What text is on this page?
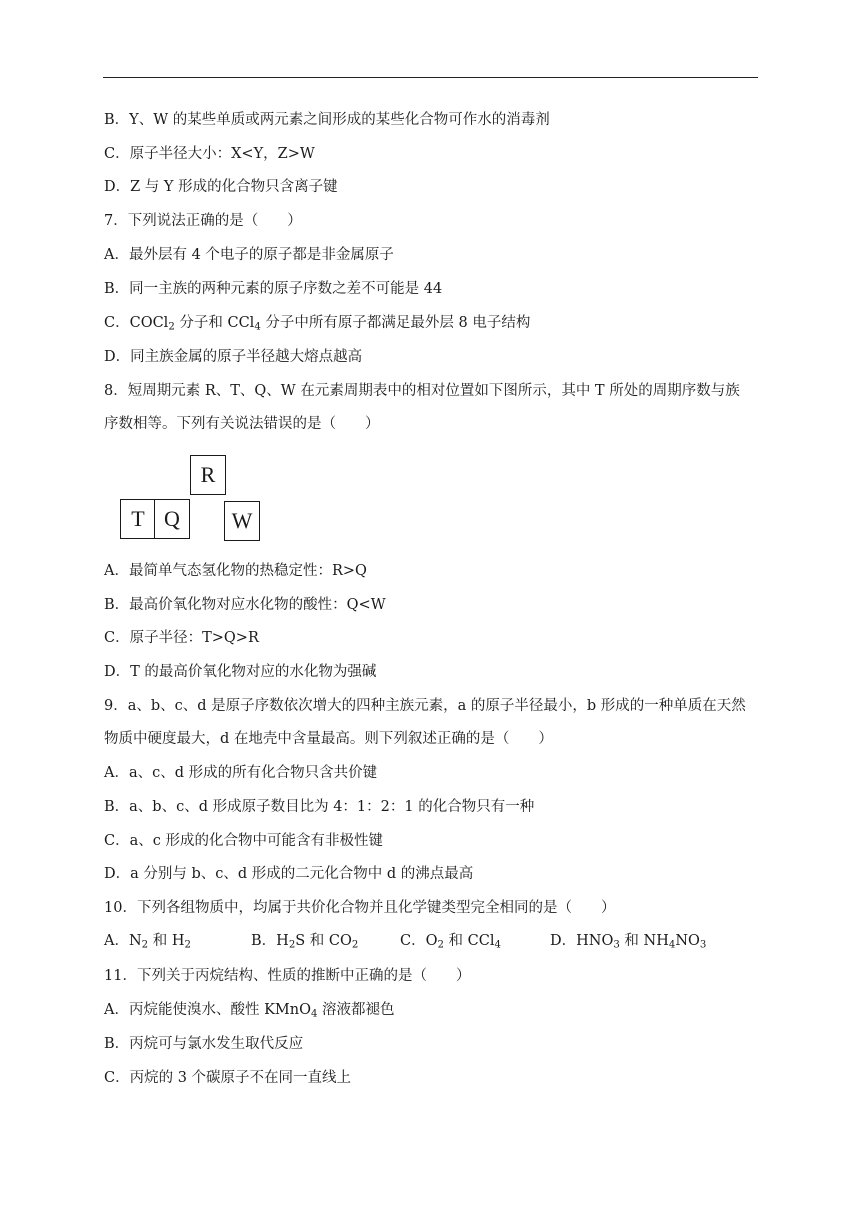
B．Y、W 的某些单质或两元素之间形成的某些化合物可作水的消毒剂
C．原子半径大小：X<Y，Z>W
D．Z 与 Y 形成的化合物只含离子键
7．下列说法正确的是（　　）
A．最外层有 4 个电子的原子都是非金属原子
B．同一主族的两种元素的原子序数之差不可能是 44
C．COCl$_2$ 分子和 CCl$_4$ 分子中所有原子都满足最外层 8 电子结构
D．同主族金属的原子半径越大熔点越高
8．短周期元素 R、T、Q、W 在元素周期表中的相对位置如下图所示，其中 T 所处的周期序数与族
序数相等。下列有关说法错误的是（　　）
R
T Q	W
A．最简单气态氢化物的热稳定性：R>Q
B．最高价氧化物对应水化物的酸性：Q<W
C．原子半径：T>Q>R
D．T 的最高价氧化物对应的水化物为强碱
9．a、b、c、d 是原子序数依次增大的四种主族元素，a 的原子半径最小，b 形成的一种单质在天然
物质中硬度最大，d 在地壳中含量最高。则下列叙述正确的是（　　）
A．a、c、d 形成的所有化合物只含共价键
B．a、b、c、d 形成原子数目比为 4：1：2：1 的化合物只有一种
C．a、c 形成的化合物中可能含有非极性键
D．a 分别与 b、c、d 形成的二元化合物中 d 的沸点最高
10．下列各组物质中，均属于共价化合物并且化学键类型完全相同的是（　　）
A．$N_2$ 和 $H_2$	B．$H_2S$ 和 $CO_2$	C．$O_2$ 和 CCl$_4$	D．$HNO_3$ 和 $NH_4NO_3$
11．下列关于丙烷结构、性质的推断中正确的是（　　）
A．丙烷能使溴水、酸性 KMnO$_4$ 溶液都褪色
B．丙烷可与氯水发生取代反应
C．丙烷的 3 个碳原子不在同一直线上
